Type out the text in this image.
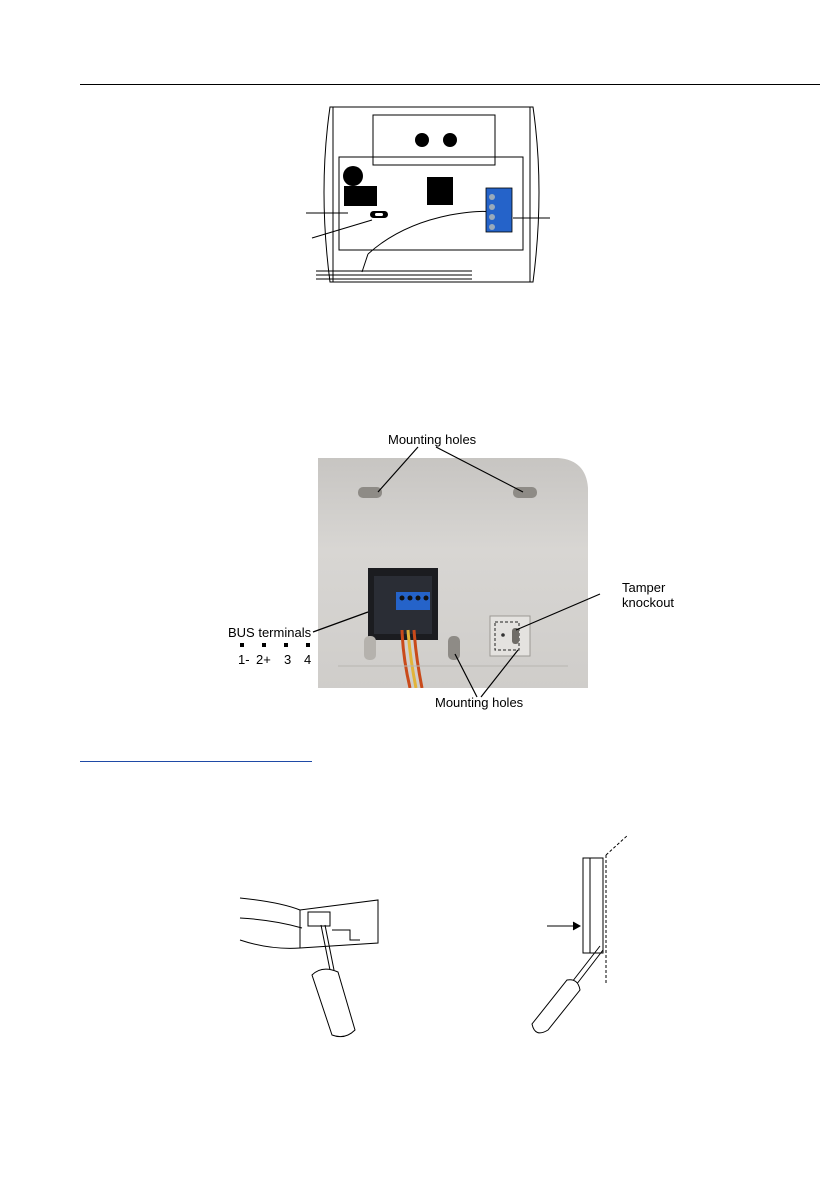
Mounting holes
Tamper
knockout
BUS terminals
1- 2+ 3 4
Mounting holes
